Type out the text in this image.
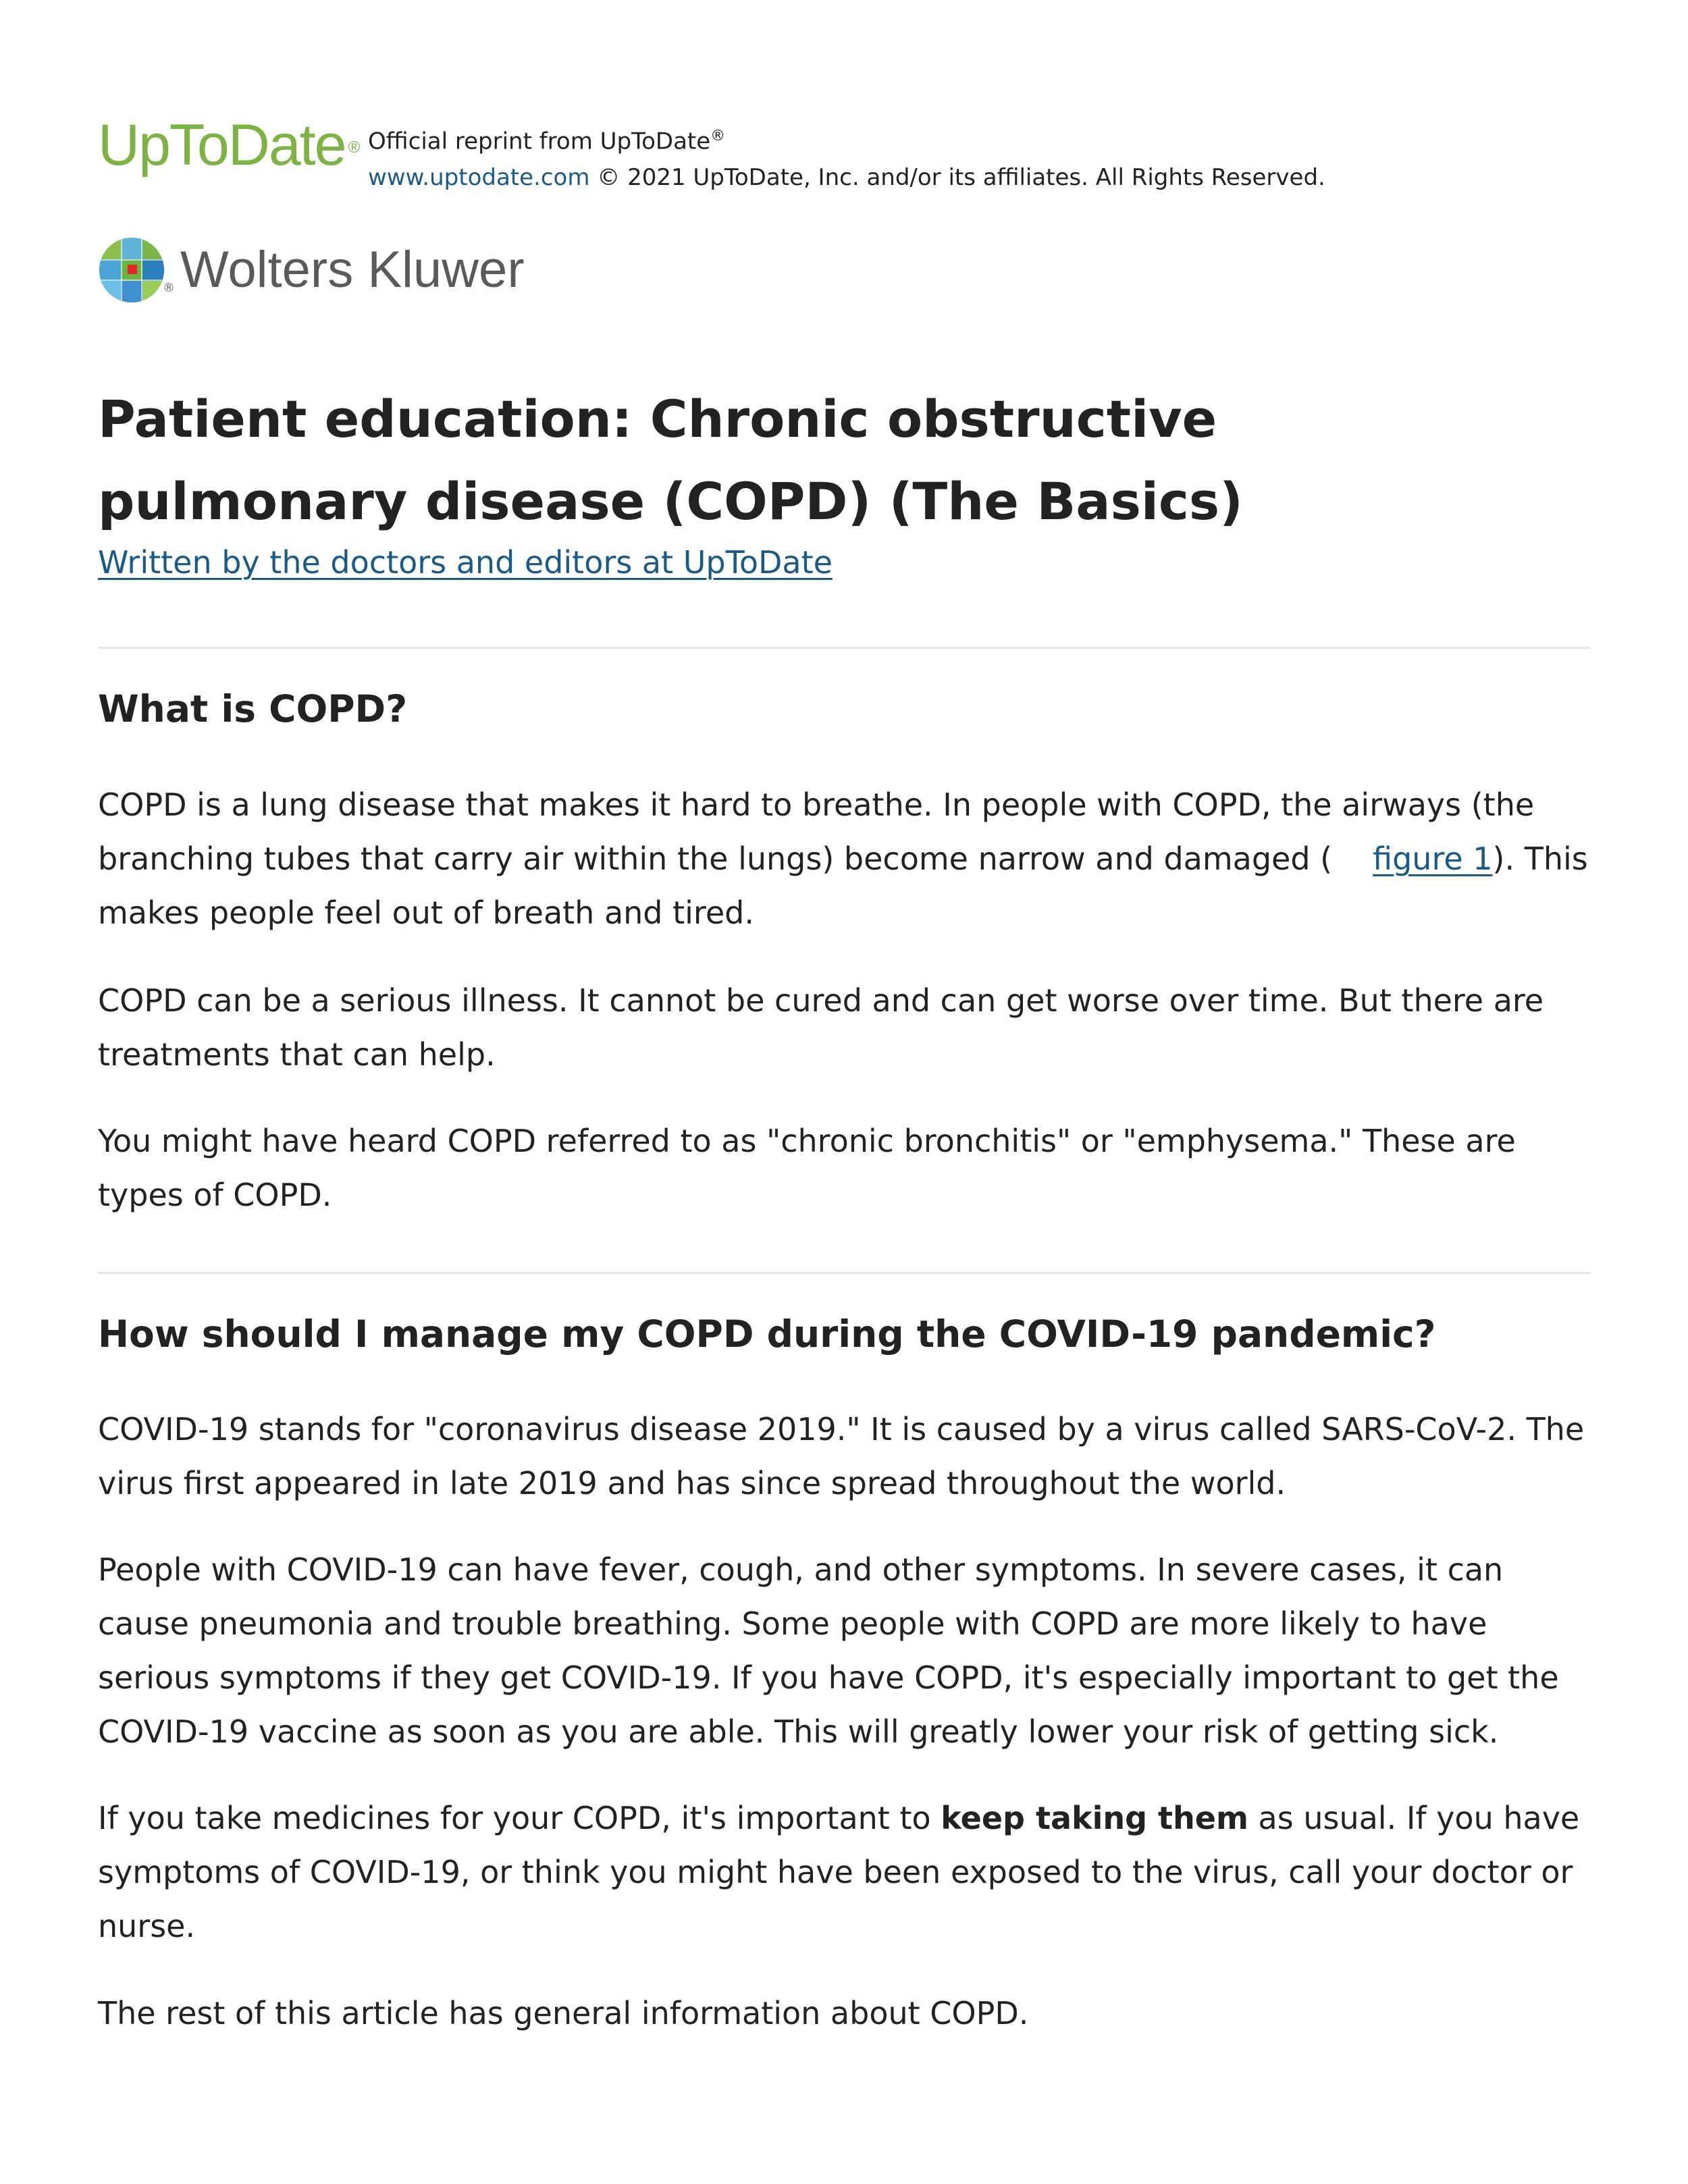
UpToDate ® Official reprint from UpToDate®
www.uptodate.com © 2021 UpToDate, Inc. and/or its affiliates. All Rights Reserved.
® Wolters Kluwer
Patient education: Chronic obstructive pulmonary disease (COPD) (The Basics)
Written by the doctors and editors at UpToDate
What is COPD?

COPD is a lung disease that makes it hard to breathe. In people with COPD, the airways (the branching tubes that carry air within the lungs) become narrow and damaged ( figure 1). This makes people feel out of breath and tired.

COPD can be a serious illness. It cannot be cured and can get worse over time. But there are treatments that can help.

You might have heard COPD referred to as "chronic bronchitis" or "emphysema." These are types of COPD.

How should I manage my COPD during the COVID-19 pandemic?

COVID-19 stands for "coronavirus disease 2019." It is caused by a virus called SARS-CoV-2. The virus first appeared in late 2019 and has since spread throughout the world.

People with COVID-19 can have fever, cough, and other symptoms. In severe cases, it can cause pneumonia and trouble breathing. Some people with COPD are more likely to have serious symptoms if they get COVID-19. If you have COPD, it's especially important to get the COVID-19 vaccine as soon as you are able. This will greatly lower your risk of getting sick.

If you take medicines for your COPD, it's important to keep taking them as usual. If you have symptoms of COVID-19, or think you might have been exposed to the virus, call your doctor or nurse.

The rest of this article has general information about COPD.
